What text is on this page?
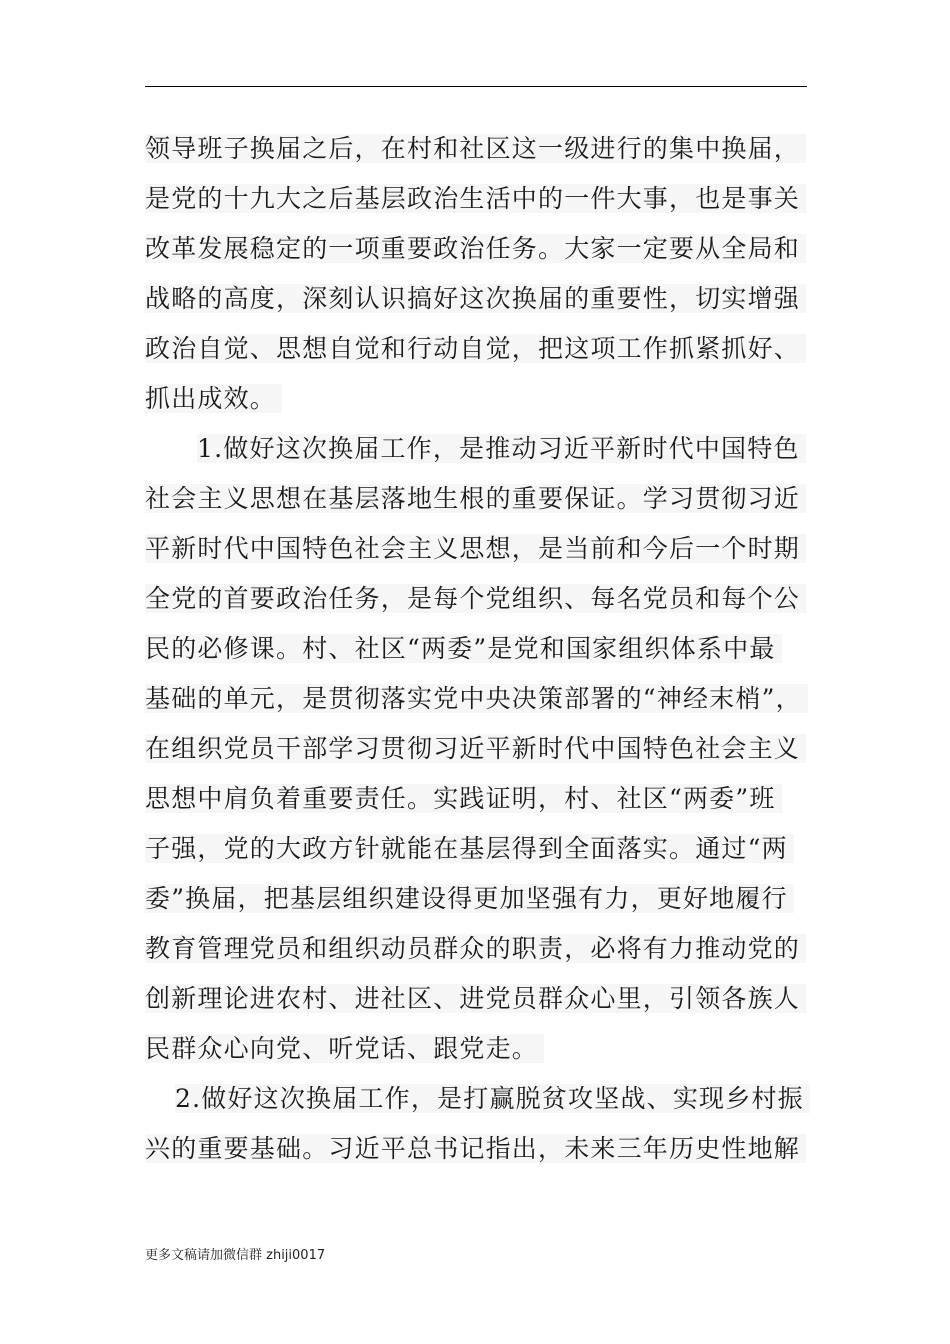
领导班子换届之后，在村和社区这一级进行的集中换届，
是党的十九大之后基层政治生活中的一件大事，也是事关
改革发展稳定的一项重要政治任务。大家一定要从全局和
战略的高度，深刻认识搞好这次换届的重要性，切实增强
政治自觉、思想自觉和行动自觉，把这项工作抓紧抓好、
抓出成效。
1.做好这次换届工作，是推动习近平新时代中国特色
社会主义思想在基层落地生根的重要保证。学习贯彻习近
平新时代中国特色社会主义思想，是当前和今后一个时期
全党的首要政治任务，是每个党组织、每名党员和每个公
民的必修课。村、社区“两委”是党和国家组织体系中最
基础的单元，是贯彻落实党中央决策部署的“神经末梢”，
在组织党员干部学习贯彻习近平新时代中国特色社会主义
思想中肩负着重要责任。实践证明，村、社区“两委”班
子强，党的大政方针就能在基层得到全面落实。通过“两
委”换届，把基层组织建设得更加坚强有力，更好地履行
教育管理党员和组织动员群众的职责，必将有力推动党的
创新理论进农村、进社区、进党员群众心里，引领各族人
民群众心向党、听党话、跟党走。
2.做好这次换届工作，是打赢脱贫攻坚战、实现乡村振
兴的重要基础。习近平总书记指出，未来三年历史性地解
更多文稿请加微信群 zhiji0017
